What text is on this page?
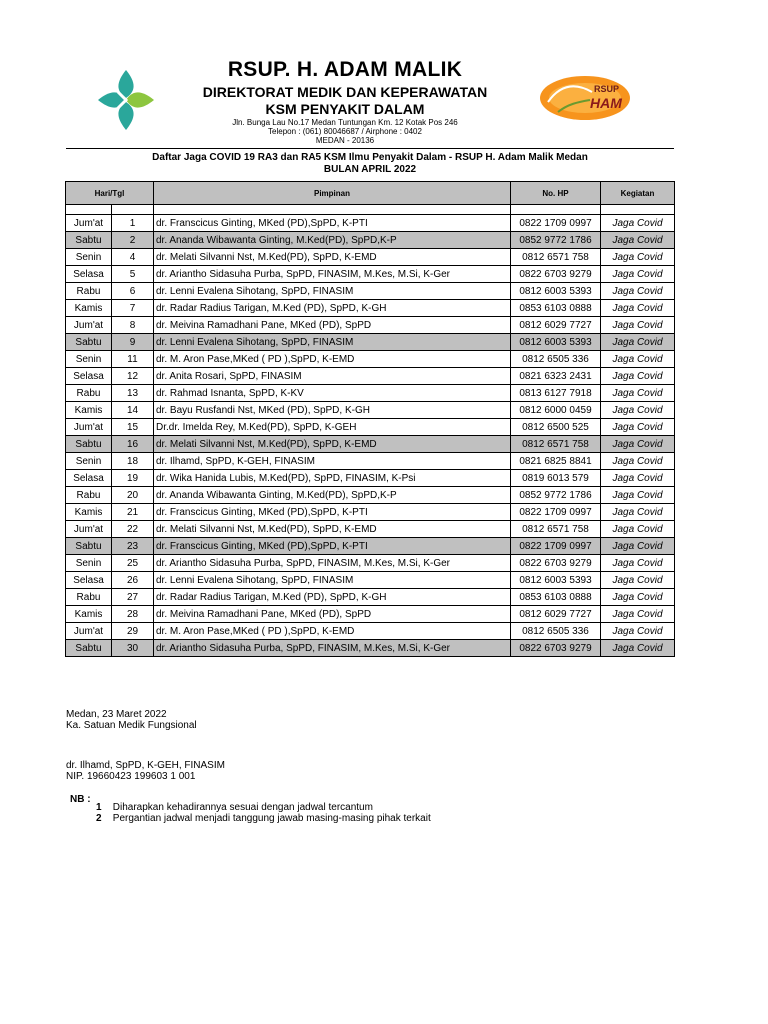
RSUP. H. ADAM MALIK
DIREKTORAT MEDIK DAN KEPERAWATAN
KSM PENYAKIT DALAM
Jln. Bunga Lau No.17 Medan Tuntungan Km. 12 Kotak Pos 246
Telepon : (061) 80046687 / Airphone : 0402
MEDAN - 20136
RSUP
HAM
Daftar Jaga COVID 19 RA3 dan RA5 KSM Ilmu Penyakit Dalam - RSUP H. Adam Malik Medan
BULAN APRIL 2022
Hari/Tgl		Pimpinan	No. HP	Kegiatan

Jum'at	1	dr. Franscicus Ginting, MKed (PD),SpPD, K-PTI	0822 1709 0997	Jaga Covid
Sabtu	2	dr. Ananda Wibawanta Ginting, M.Ked(PD), SpPD,K-P	0852 9772 1786	Jaga Covid
Senin	4	dr. Melati Silvanni Nst, M.Ked(PD), SpPD, K-EMD	0812 6571 758	Jaga Covid
Selasa	5	dr. Ariantho Sidasuha Purba, SpPD, FINASIM, M.Kes, M.Si, K-Ger	0822 6703 9279	Jaga Covid
Rabu	6	dr. Lenni Evalena Sihotang, SpPD, FINASIM	0812 6003 5393	Jaga Covid
Kamis	7	dr. Radar Radius Tarigan, M.Ked (PD), SpPD, K-GH	0853 6103 0888	Jaga Covid
Jum'at	8	dr. Meivina Ramadhani Pane, MKed (PD), SpPD	0812 6029 7727	Jaga Covid
Sabtu	9	dr. Lenni Evalena Sihotang, SpPD, FINASIM	0812 6003 5393	Jaga Covid
Senin	11	dr. M. Aron Pase,MKed ( PD ),SpPD, K-EMD	0812 6505 336	Jaga Covid
Selasa	12	dr. Anita Rosari, SpPD, FINASIM	0821 6323 2431	Jaga Covid
Rabu	13	dr. Rahmad Isnanta, SpPD, K-KV	0813 6127 7918	Jaga Covid
Kamis	14	dr. Bayu Rusfandi Nst, MKed (PD), SpPD, K-GH	0812 6000 0459	Jaga Covid
Jum'at	15	Dr.dr. Imelda Rey, M.Ked(PD), SpPD, K-GEH	0812 6500 525	Jaga Covid
Sabtu	16	dr. Melati Silvanni Nst, M.Ked(PD), SpPD, K-EMD	0812 6571 758	Jaga Covid
Senin	18	dr. Ilhamd, SpPD, K-GEH, FINASIM	0821 6825 8841	Jaga Covid
Selasa	19	dr. Wika Hanida Lubis, M.Ked(PD), SpPD, FINASIM, K-Psi	0819 6013 579	Jaga Covid
Rabu	20	dr. Ananda Wibawanta Ginting, M.Ked(PD), SpPD,K-P	0852 9772 1786	Jaga Covid
Kamis	21	dr. Franscicus Ginting, MKed (PD),SpPD, K-PTI	0822 1709 0997	Jaga Covid
Jum'at	22	dr. Melati Silvanni Nst, M.Ked(PD), SpPD, K-EMD	0812 6571 758	Jaga Covid
Sabtu	23	dr. Franscicus Ginting, MKed (PD),SpPD, K-PTI	0822 1709 0997	Jaga Covid
Senin	25	dr. Ariantho Sidasuha Purba, SpPD, FINASIM, M.Kes, M.Si, K-Ger	0822 6703 9279	Jaga Covid
Selasa	26	dr. Lenni Evalena Sihotang, SpPD, FINASIM	0812 6003 5393	Jaga Covid
Rabu	27	dr. Radar Radius Tarigan, M.Ked (PD), SpPD, K-GH	0853 6103 0888	Jaga Covid
Kamis	28	dr. Meivina Ramadhani Pane, MKed (PD), SpPD	0812 6029 7727	Jaga Covid
Jum'at	29	dr. M. Aron Pase,MKed ( PD ),SpPD, K-EMD	0812 6505 336	Jaga Covid
Sabtu	30	dr. Ariantho Sidasuha Purba, SpPD, FINASIM, M.Kes, M.Si, K-Ger	0822 6703 9279	Jaga Covid
Medan, 23 Maret 2022
Ka. Satuan Medik Fungsional
dr. Ilhamd, SpPD, K-GEH, FINASIM
NIP. 19660423 199603 1 001
NB :
1 Diharapkan kehadirannya sesuai dengan jadwal tercantum
2 Pergantian jadwal menjadi tanggung jawab masing-masing pihak terkait
